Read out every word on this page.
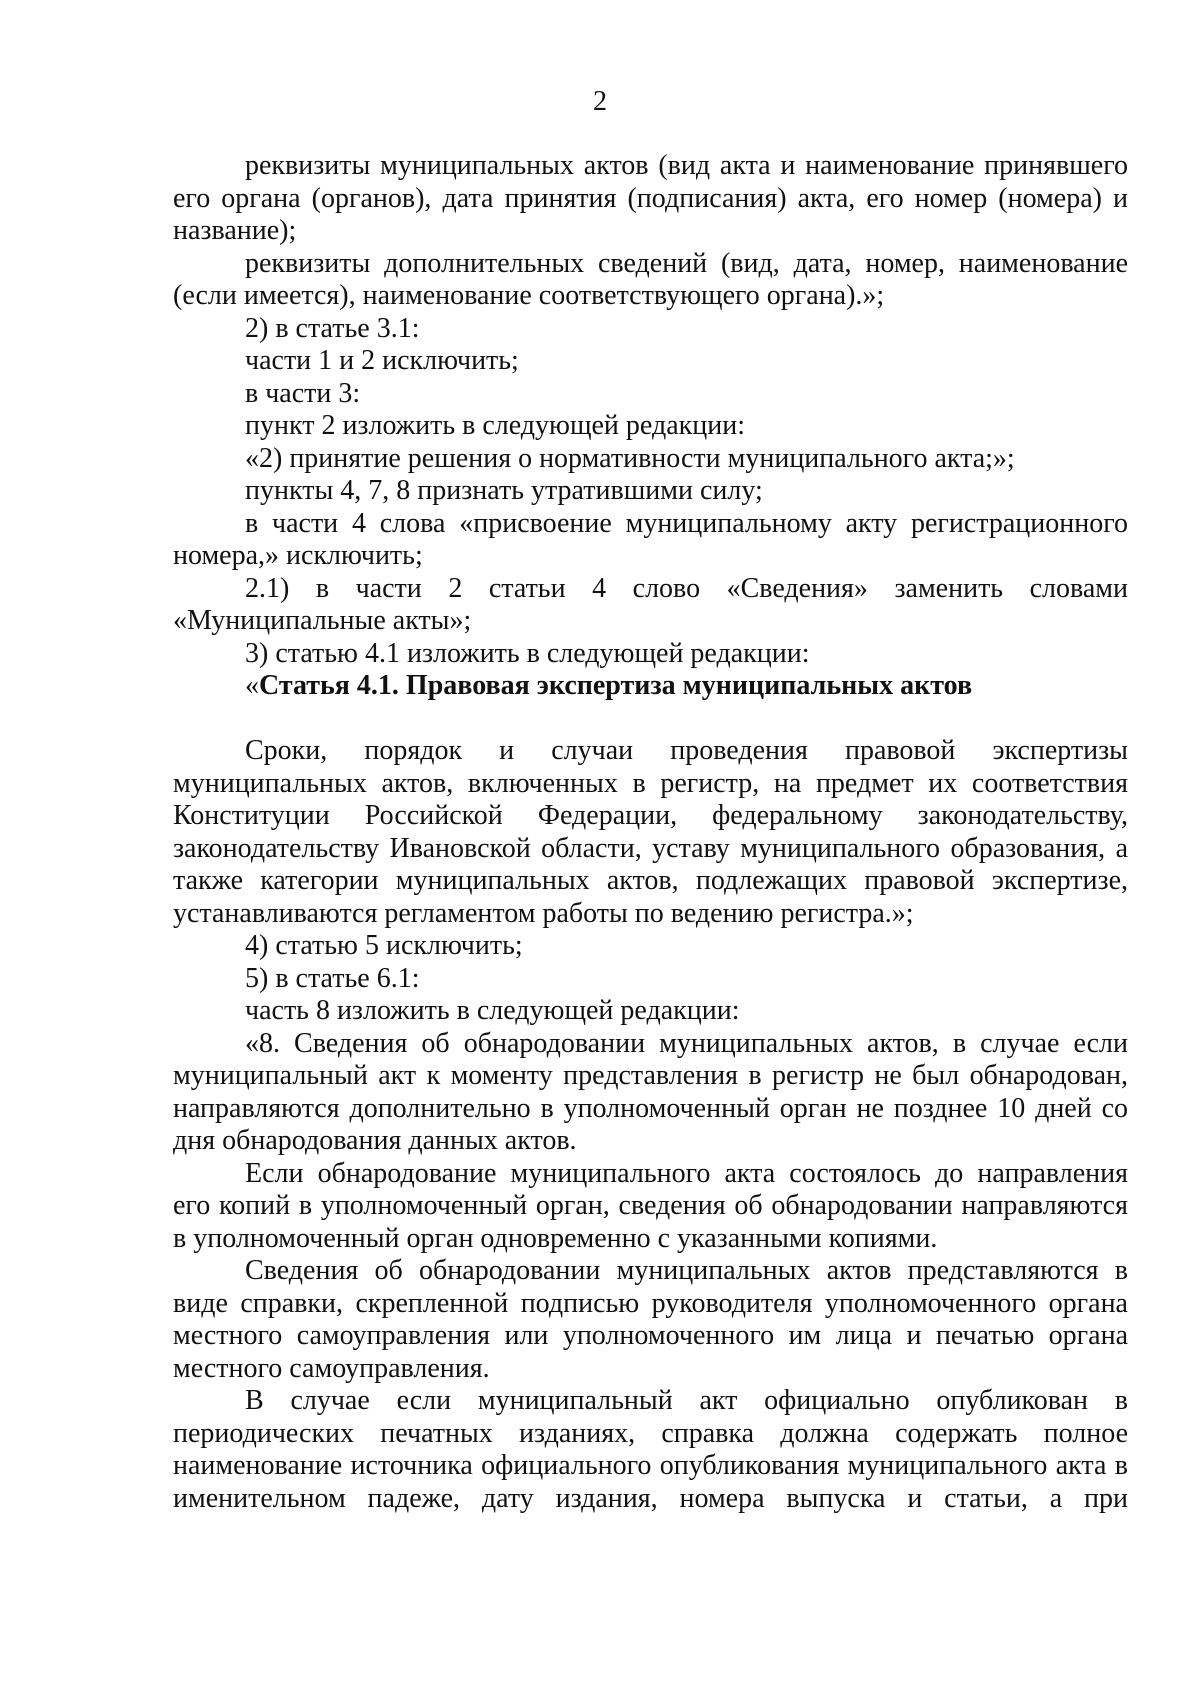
2

реквизиты муниципальных актов (вид акта и наименование принявшего его органа (органов), дата принятия (подписания) акта, его номер (номера) и название);

реквизиты дополнительных сведений (вид, дата, номер, наименование (если имеется), наименование соответствующего органа).»;

2) в статье 3.1:

части 1 и 2 исключить;

в части 3:

пункт 2 изложить в следующей редакции:

«2) принятие решения о нормативности муниципального акта;»;

пункты 4, 7, 8 признать утратившими силу;

в части 4 слова «присвоение муниципальному акту регистрационного номера,» исключить;

2.1) в части 2 статьи 4 слово «Сведения» заменить словами «Муниципальные акты»;

3) статью 4.1 изложить в следующей редакции:

«Статья 4.1. Правовая экспертиза муниципальных актов

Сроки, порядок и случаи проведения правовой экспертизы муниципальных актов, включенных в регистр, на предмет их соответствия Конституции Российской Федерации, федеральному законодательству, законодательству Ивановской области, уставу муниципального образования, а также категории муниципальных актов, подлежащих правовой экспертизе, устанавливаются регламентом работы по ведению регистра.»;

4) статью 5 исключить;

5) в статье 6.1:

часть 8 изложить в следующей редакции:

«8. Сведения об обнародовании муниципальных актов, в случае если муниципальный акт к моменту представления в регистр не был обнародован, направляются дополнительно в уполномоченный орган не позднее 10 дней со дня обнародования данных актов.

Если обнародование муниципального акта состоялось до направления его копий в уполномоченный орган, сведения об обнародовании направляются в уполномоченный орган одновременно с указанными копиями.

Сведения об обнародовании муниципальных актов представляются в виде справки, скрепленной подписью руководителя уполномоченного органа местного самоуправления или уполномоченного им лица и печатью органа местного самоуправления.

В случае если муниципальный акт официально опубликован в периодических печатных изданиях, справка должна содержать полное наименование источника официального опубликования муниципального акта в именительном падеже, дату издания, номера выпуска и статьи, а при
